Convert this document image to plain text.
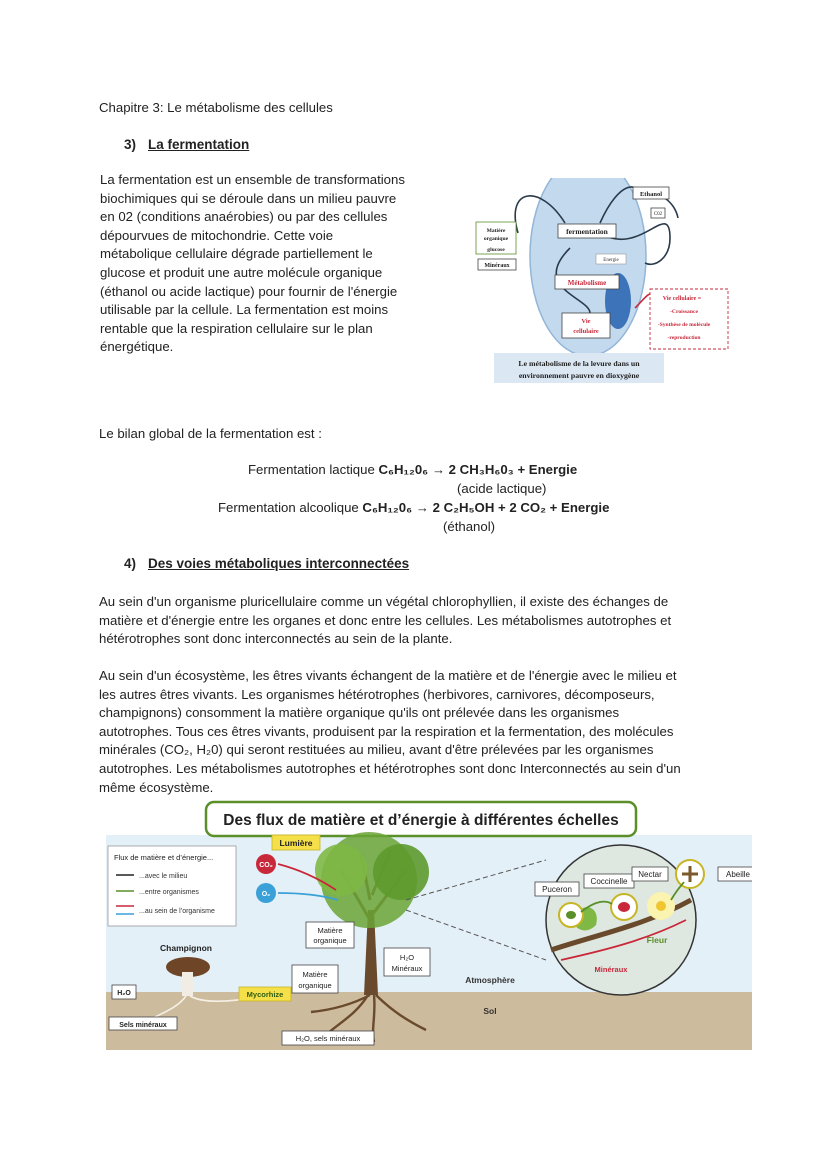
Chapitre 3: Le métabolisme des cellules
3) La fermentation
La fermentation est un ensemble de transformations
biochimiques qui se déroule dans un milieu pauvre
en 02 (conditions anaérobies) ou par des cellules
dépourvues de mitochondrie. Cette voie
métabolique cellulaire dégrade partiellement le
glucose et produit une autre molécule organique
(éthanol ou acide lactique) pour fournir de l'énergie
utilisable par la cellule. La fermentation est moins
rentable que la respiration cellulaire sur le plan
énergétique.
Ethanol
C02
Matière
organique
glucose
Minéraux
fermentation
Energie
Métabolisme
Vie
cellulaire
Vie cellulaire =
-Croissance
-Synthèse de molécule
-reproduction
Le métabolisme de la levure dans un
environnement pauvre en dioxygène
Le bilan global de la fermentation est :
Fermentation lactique C₆H₁₂0₆ → 2 CH₃H₆0₃ + Energie
(acide lactique)
Fermentation alcoolique C₆H₁₂0₆ → 2 C₂H₅OH + 2 CO₂ + Energie
(éthanol)
4) Des voies métaboliques interconnectées
Au sein d'un organisme pluricellulaire comme un végétal chlorophyllien, il existe des échanges de
matière et d'énergie entre les organes et donc entre les cellules. Les métabolismes autotrophes et
hétérotrophes sont donc interconnectés au sein de la plante.
Au sein d'un écosystème, les êtres vivants échangent de la matière et de l'énergie avec le milieu et
les autres êtres vivants. Les organismes hétérotrophes (herbivores, carnivores, décomposeurs,
champignons) consomment la matière organique qu'ils ont prélevée dans les organismes
autotrophes. Tous ces êtres vivants, produisent par la respiration et la fermentation, des molécules
minérales (CO₂, H₂0) qui seront restituées au milieu, avant d'être prélevées par les organismes
autotrophes. Les métabolismes autotrophes et hétérotrophes sont donc Interconnectés au sein d'un
même écosystème.
Des flux de matière et d’énergie à différentes échelles
Flux de matière et d’énergie...
...avec le milieu
...entre organismes
...au sein de l’organisme
Champignon
H₂O
Sels minéraux
Mycorhize
Lumière
CO₂
O₂
Matière
organique
H₂O
Minéraux
Matière
organique
H₂O, sels minéraux
Atmosphère
Sol
Puceron
Coccinelle
Nectar	Abeille
Fleur
Minéraux
